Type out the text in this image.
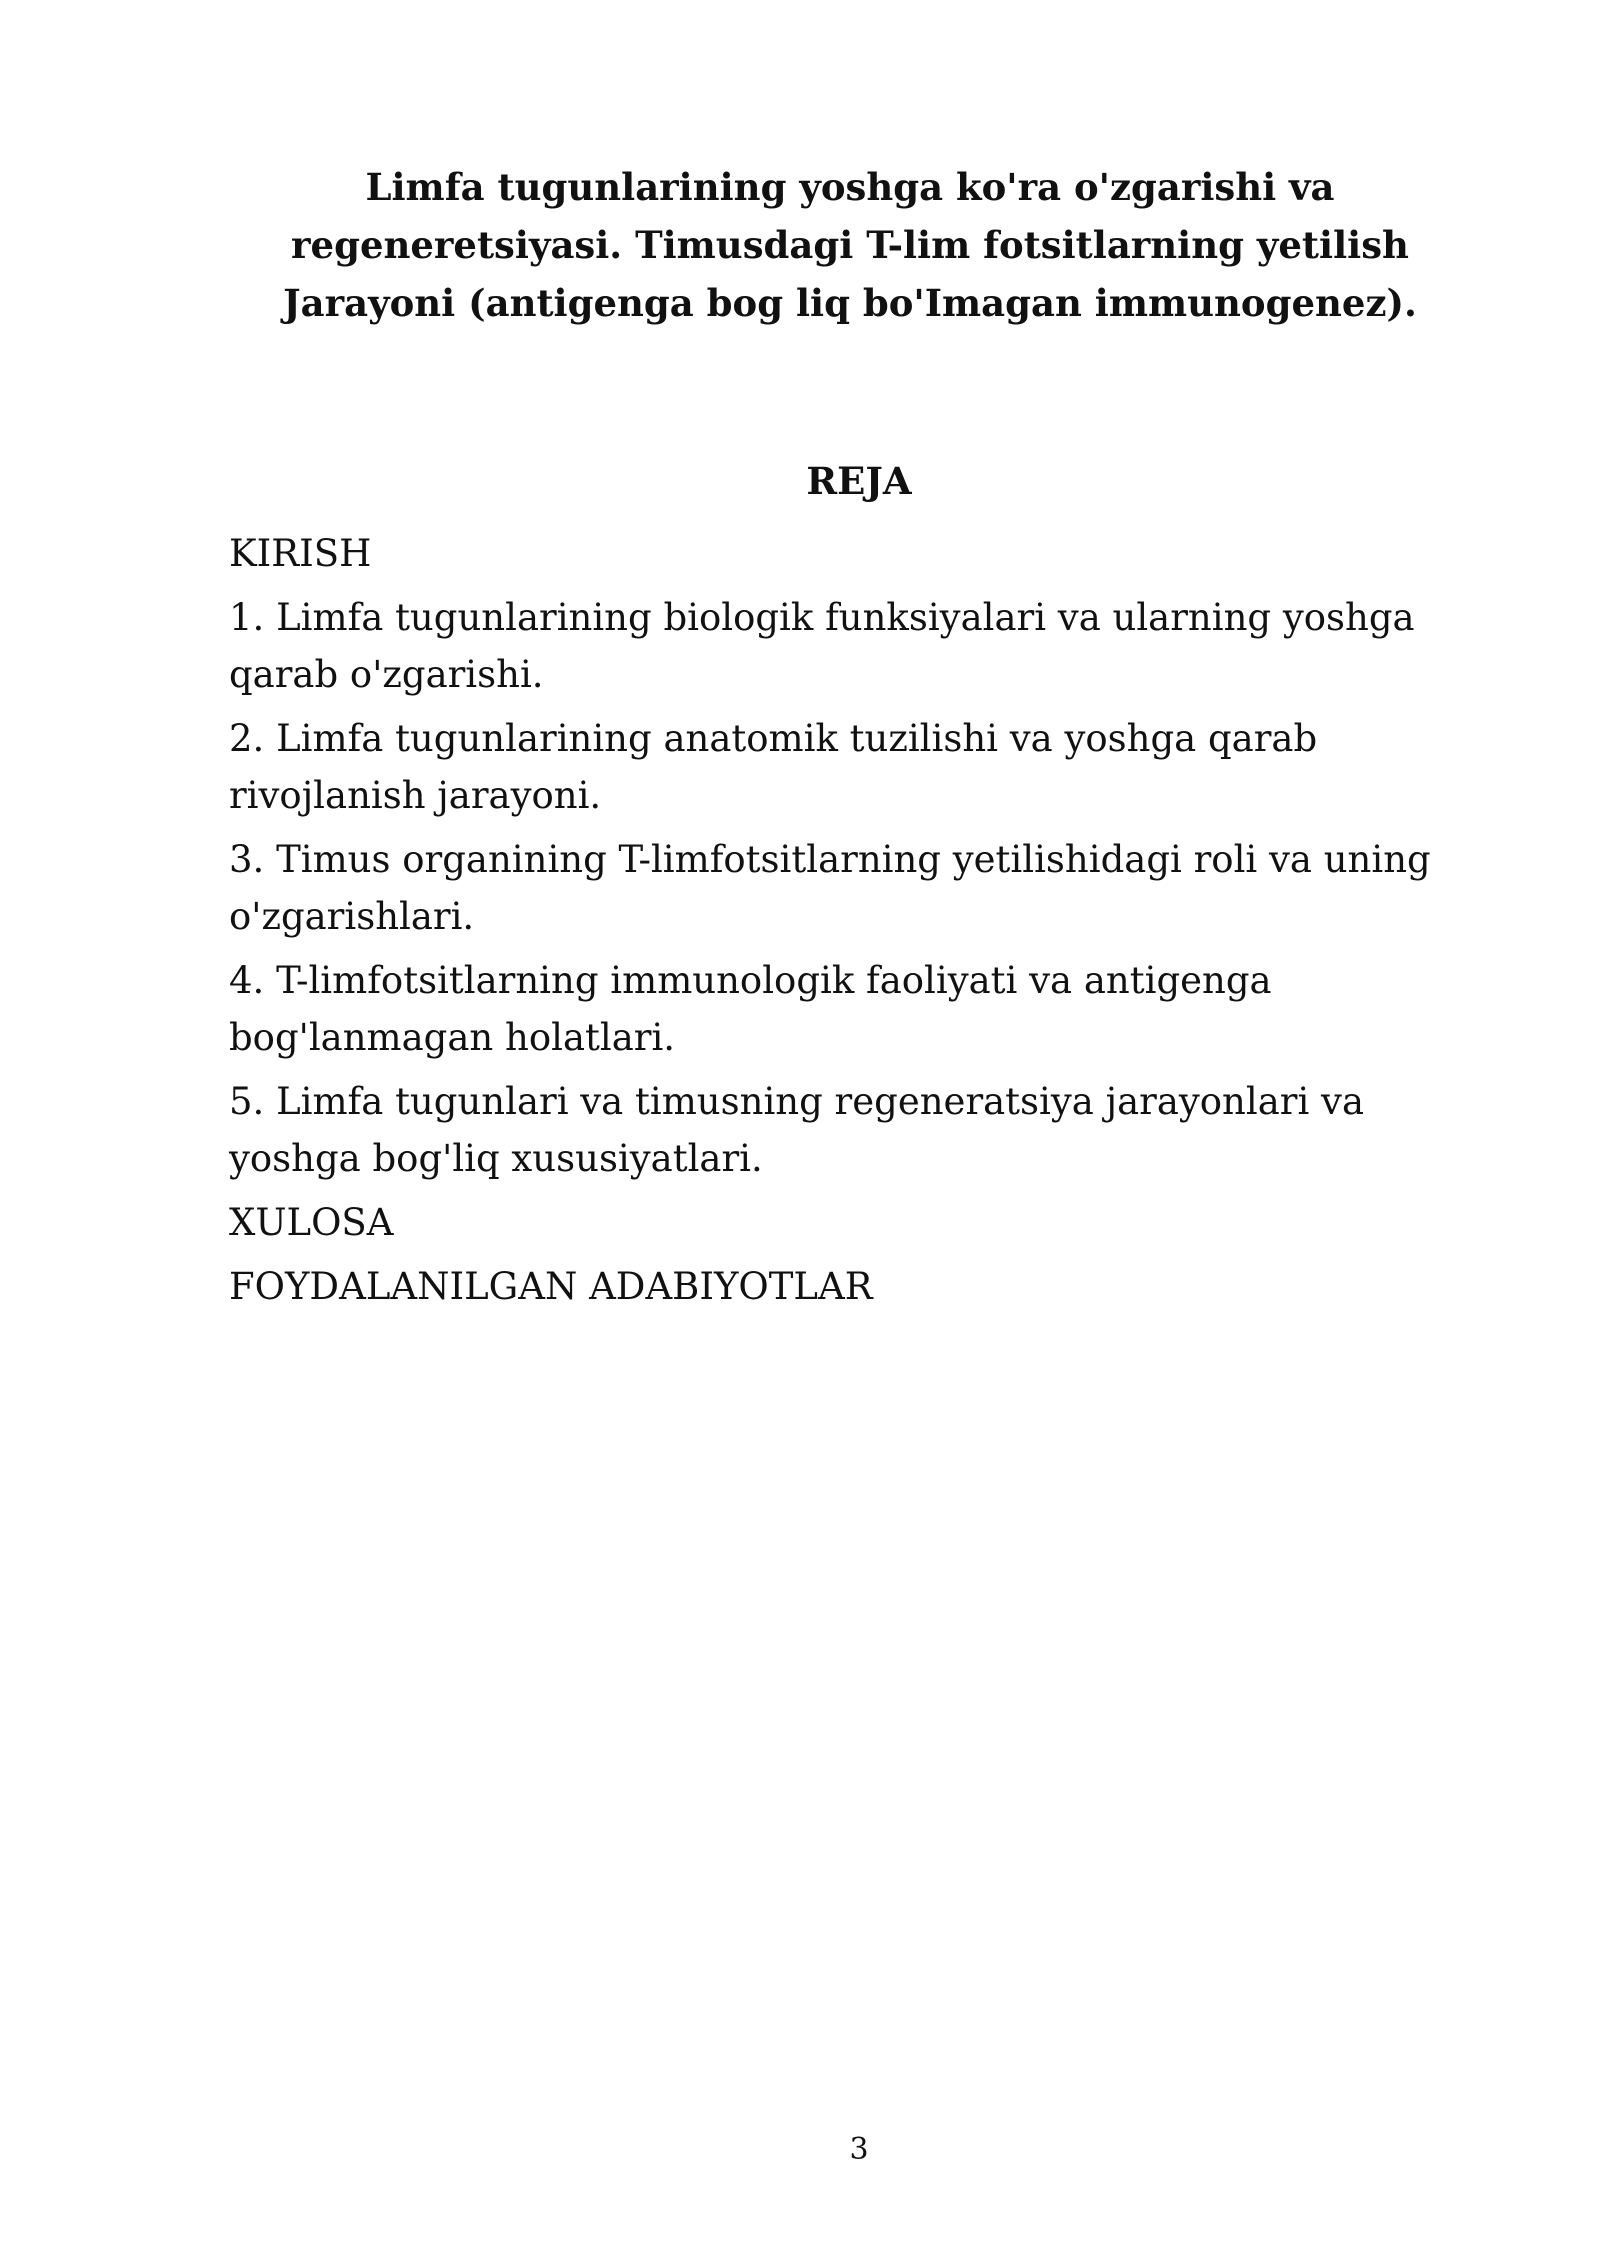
Limfa tugunlarining yoshga ko'ra o'zgarishi va
regeneretsiyasi. Timusdagi T-lim fotsitlarning yetilish
Jarayoni (antigenga bog liq bo'Imagan immunogenez).
REJA
KIRISH
1. Limfa tugunlarining biologik funksiyalari va ularning yoshga
qarab o'zgarishi.
2. Limfa tugunlarining anatomik tuzilishi va yoshga qarab
rivojlanish jarayoni.
3. Timus organining T-limfotsitlarning yetilishidagi roli va uning
o'zgarishlari.
4. T-limfotsitlarning immunologik faoliyati va antigenga
bog'lanmagan holatlari.
5. Limfa tugunlari va timusning regeneratsiya jarayonlari va
yoshga bog'liq xususiyatlari.
XULOSA
FOYDALANILGAN ADABIYOTLAR
3
